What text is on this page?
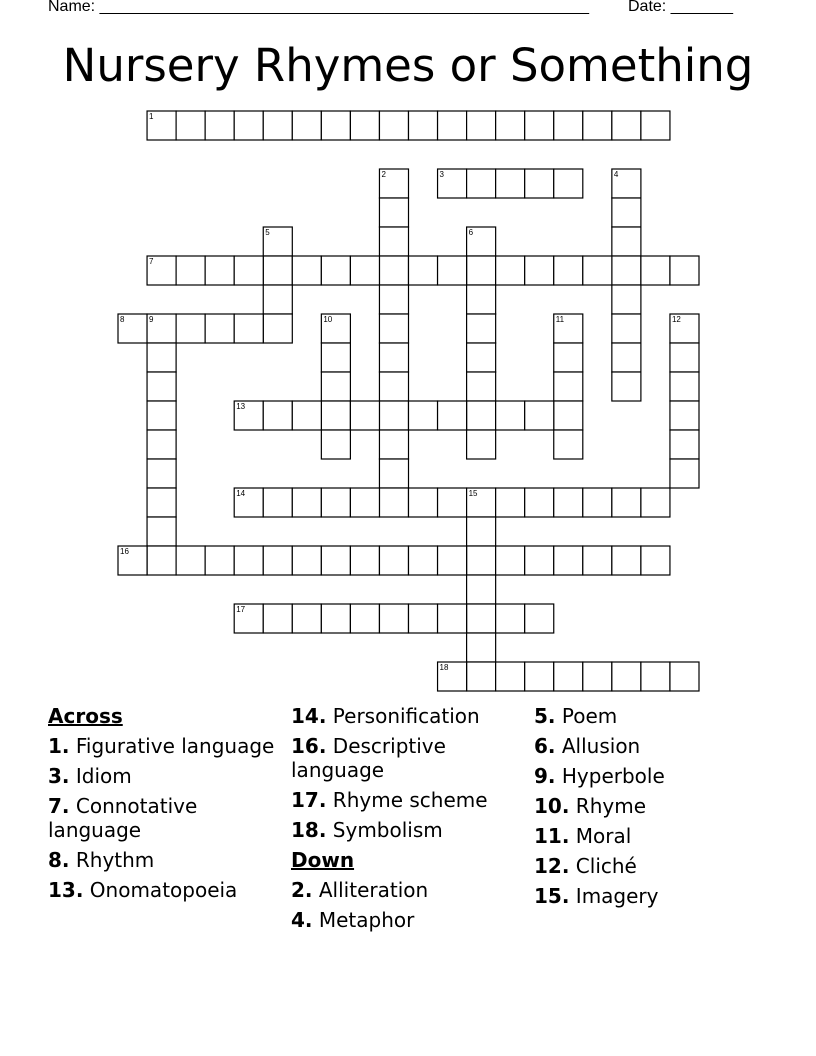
Name: _______________________________________________________ Date: _______
Nursery Rhymes or Something
1
2	3	4
5	6
7
8	9	10	11	12
13
14	15
16
17
18
Across
1. Figurative language
3. Idiom
7. Connotative language
8. Rhythm
13. Onomatopoeia
14. Personification
16. Descriptive language
17. Rhyme scheme
18. Symbolism
Down
2. Alliteration
4. Metaphor
5. Poem
6. Allusion
9. Hyperbole
10. Rhyme
11. Moral
12. Cliché
15. Imagery
